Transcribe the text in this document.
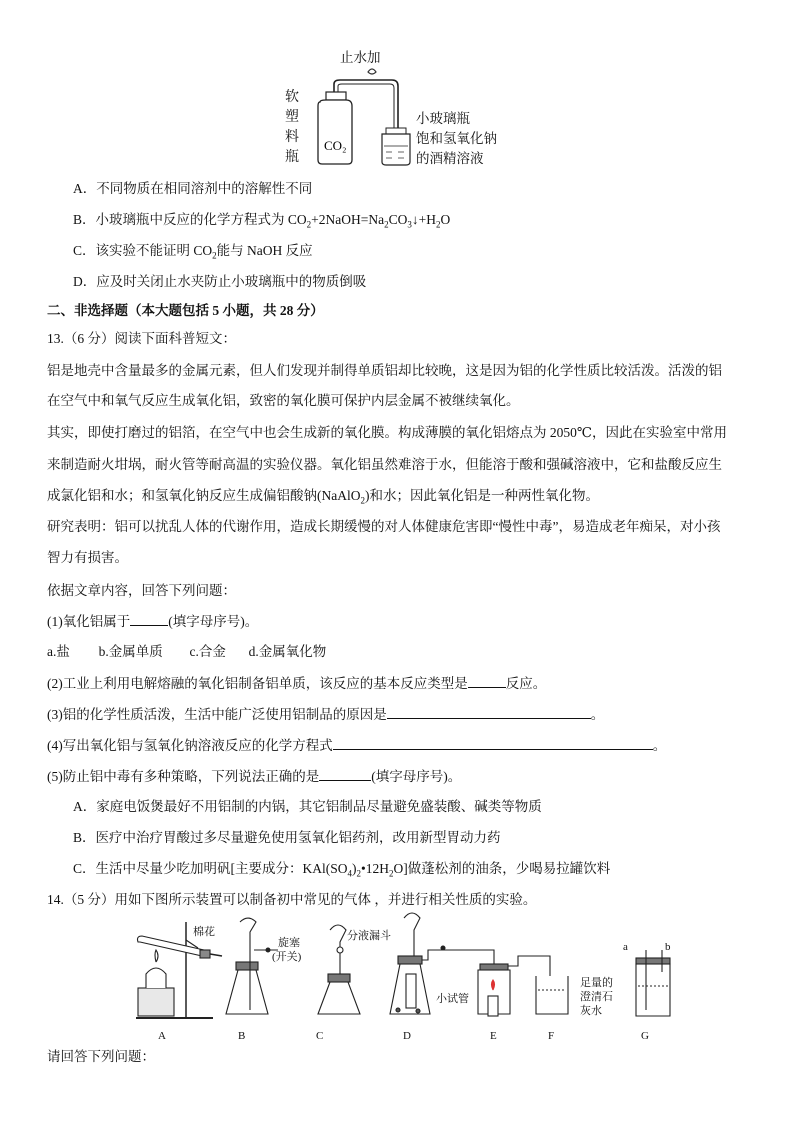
止水加
软
塑
料
瓶
CO₂
小玻璃瓶
饱和氢氧化钠
的酒精溶液
A．不同物质在相同溶剂中的溶解性不同
B．小玻璃瓶中反应的化学方程式为 $CO_2+2NaOH=Na_2CO_3↓+H_2O$
C．该实验不能证明 $CO_2$能与 NaOH 反应
D．应及时关闭止水夹防止小玻璃瓶中的物质倒吸
二、非选择题（本大题包括 5 小题，共 28 分）
13.（6 分）阅读下面科普短文：
铝是地壳中含量最多的金属元素，但人们发现并制得单质铝却比较晚，这是因为铝的化学性质比较活泼。活泼的铝
在空气中和氧气反应生成氧化铝，致密的氧化膜可保护内层金属不被继续氧化。
其实，即使打磨过的铝箔，在空气中也会生成新的氧化膜。构成薄膜的氧化铝熔点为 2050℃，因此在实验室中常用
来制造耐火坩埚，耐火管等耐高温的实验仪器。氧化铝虽然难溶于水，但能溶于酸和强碱溶液中，它和盐酸反应生
成氯化铝和水；和氢氧化钠反应生成偏铝酸钠(NaAlO$_2$)和水；因此氧化铝是一种两性氧化物。
研究表明：铝可以扰乱人体的代谢作用，造成长期缓慢的对人体健康危害即“慢性中毒”，易造成老年痴呆，对小孩
智力有损害。
依据文章内容，回答下列问题：
(1)氧化铝属于	(填字母序号)。
a.盐 b.金属单质 c.合金 d.金属氧化物
(2)工业上利用电解熔融的氧化铝制备铝单质，该反应的基本反应类型是	反应。
(3)铝的化学性质活泼，生活中能广泛使用铝制品的原因是	。
(4)写出氧化铝与氢氧化钠溶液反应的化学方程式	。
(5)防止铝中毒有多种策略，下列说法正确的是	(填字母序号)。
A．家庭电饭煲最好不用铝制的内锅，其它铝制品尽量避免盛装酸、碱类等物质
B．医疗中治疗胃酸过多尽量避免使用氢氧化铝药剂，改用新型胃动力药
C．生活中尽量少吃加明矾[主要成分：$KAl(SO_4)_2•12H_2O$]做蓬松剂的油条，少喝易拉罐饮料
14.（5 分）用如下图所示装置可以制备初中常见的气体 ，并进行相关性质的实验。
棉花
旋塞
(开关)
分液漏斗
小试管
足量的
澄清石
灰水
a	b
A	B	C	D	E	F	G
请回答下列问题：
